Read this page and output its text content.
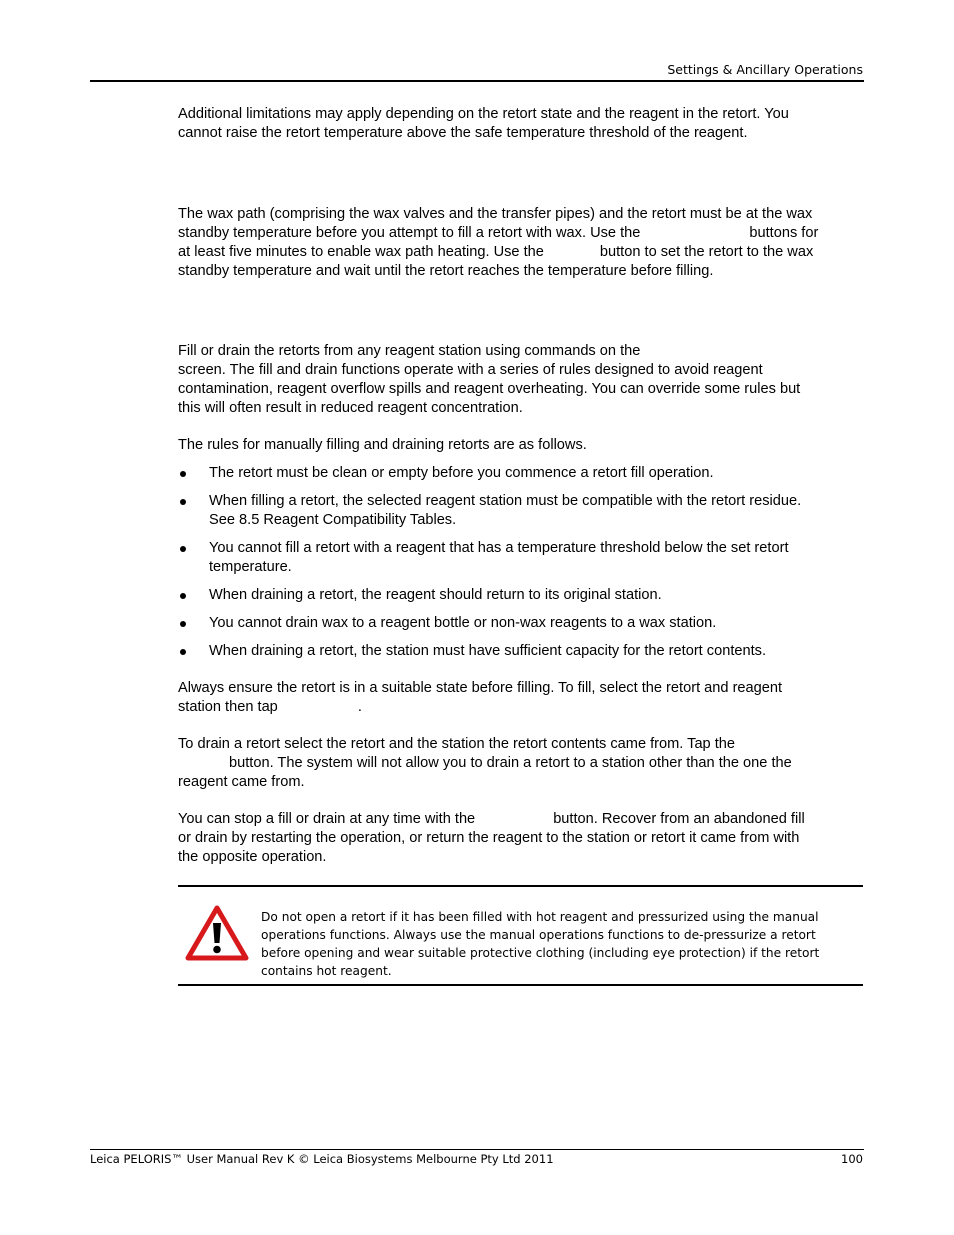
Settings & Ancillary Operations
Additional limitations may apply depending on the retort state and the reagent in the retort. You
cannot raise the retort temperature above the safe temperature threshold of the reagent.
The wax path (comprising the wax valves and the transfer pipes) and the retort must be at the wax
standby temperature before you attempt to fill a retort with wax. Use the	buttons for
at least five minutes to enable wax path heating. Use the	button to set the retort to the wax
standby temperature and wait until the retort reaches the temperature before filling.
Fill or drain the retorts from any reagent station using commands on the
screen. The fill and drain functions operate with a series of rules designed to avoid reagent
contamination, reagent overflow spills and reagent overheating. You can override some rules but
this will often result in reduced reagent concentration.
The rules for manually filling and draining retorts are as follows.
The retort must be clean or empty before you commence a retort fill operation.
When filling a retort, the selected reagent station must be compatible with the retort residue.
See 8.5 Reagent Compatibility Tables.
You cannot fill a retort with a reagent that has a temperature threshold below the set retort
temperature.
When draining a retort, the reagent should return to its original station.
You cannot drain wax to a reagent bottle or non-wax reagents to a wax station.
When draining a retort, the station must have sufficient capacity for the retort contents.
Always ensure the retort is in a suitable state before filling. To fill, select the retort and reagent
station then tap	.
To drain a retort select the retort and the station the retort contents came from. Tap the
button. The system will not allow you to drain a retort to a station other than the one the
reagent came from.
You can stop a fill or drain at any time with the	button. Recover from an abandoned fill
or drain by restarting the operation, or return the reagent to the station or retort it came from with
the opposite operation.
Do not open a retort if it has been filled with hot reagent and pressurized using the manual
operations functions. Always use the manual operations functions to de-pressurize a retort
before opening and wear suitable protective clothing (including eye protection) if the retort
contains hot reagent.
Leica PELORIS™ User Manual Rev K © Leica Biosystems Melbourne Pty Ltd 2011	100
